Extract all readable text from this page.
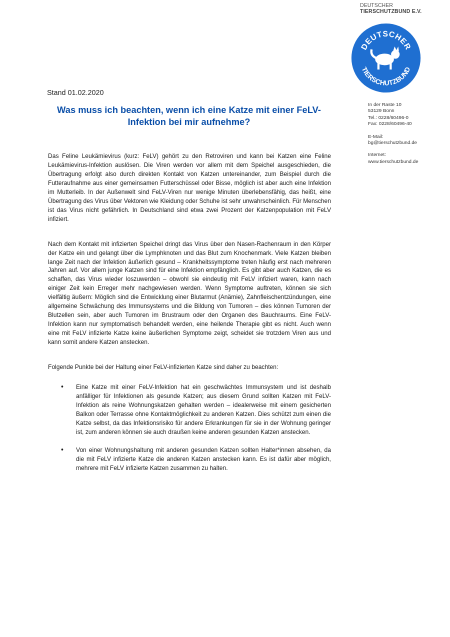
DEUTSCHER
TIERSCHUTZBUND E.V.
DEUTSCHER
TIERSCHUTZBUND
Stand 01.02.2020
Was muss ich beachten, wenn ich eine Katze mit einer FeLV-Infektion bei mir aufnehme?
In der Raste 10
53129 Bonn
Tel.: 0228/60496-0
Fax: 0228/60496-40
E-Mail:
bg@tierschutzbund.de
Internet:
www.tierschutzbund.de

Das Feline Leukämievirus (kurz: FeLV) gehört zu den Retroviren und kann bei Katzen eine Feline Leukämievirus-Infektion auslösen. Die Viren werden vor allem mit dem Speichel ausgeschieden, die Übertragung erfolgt also durch direkten Kontakt von Katzen untereinander, zum Beispiel durch die Futteraufnahme aus einer gemeinsamen Futterschüssel oder Bisse, möglich ist aber auch eine Infektion im Mutterleib. In der Außenwelt sind FeLV-Viren nur wenige Minuten überlebensfähig, das heißt, eine Übertragung des Virus über Vektoren wie Kleidung oder Schuhe ist sehr unwahrscheinlich. Für Menschen ist das Virus nicht gefährlich. In Deutschland sind etwa zwei Prozent der Katzenpopulation mit FeLV infiziert.

Nach dem Kontakt mit infizierten Speichel dringt das Virus über den Nasen-Rachenraum in den Körper der Katze ein und gelangt über die Lymphknoten und das Blut zum Knochenmark. Viele Katzen bleiben lange Zeit nach der Infektion äußerlich gesund – Krankheitssymptome treten häufig erst nach mehreren Jahren auf. Vor allem junge Katzen sind für eine Infektion empfänglich. Es gibt aber auch Katzen, die es schaffen, das Virus wieder loszuwerden – obwohl sie eindeutig mit FeLV infiziert waren, kann nach einiger Zeit kein Erreger mehr nachgewiesen werden. Wenn Symptome auftreten, können sie sich vielfältig äußern: Möglich sind die Entwicklung einer Blutarmut (Anämie), Zahnfleischentzündungen, eine allgemeine Schwächung des Immunsystems und die Bildung von Tumoren – dies können Tumoren der Blutzellen sein, aber auch Tumoren im Brustraum oder den Organen des Bauchraums. Eine FeLV-Infektion kann nur symptomatisch behandelt werden, eine heilende Therapie gibt es nicht. Auch wenn eine mit FeLV infizierte Katze keine äußerlichen Symptome zeigt, scheidet sie trotzdem Viren aus und kann somit andere Katzen anstecken.

Folgende Punkte bei der Haltung einer FeLV-infizierten Katze sind daher zu beachten:

• Eine Katze mit einer FeLV-Infektion hat ein geschwächtes Immunsystem und ist deshalb anfälliger für Infektionen als gesunde Katzen; aus diesem Grund sollten Katzen mit FeLV-Infektion als reine Wohnungskatzen gehalten werden – idealerweise mit einem gesicherten Balkon oder Terrasse ohne Kontaktmöglichkeit zu anderen Katzen. Dies schützt zum einen die Katze selbst, da das Infektionsrisiko für andere Erkrankungen für sie in der Wohnung geringer ist, zum anderen können sie auch draußen keine anderen gesunden Katzen anstecken.
• Von einer Wohnungshaltung mit anderen gesunden Katzen sollten Halter*innen absehen, da die mit FeLV infizierte Katze die anderen Katzen anstecken kann. Es ist dafür aber möglich, mehrere mit FeLV infizierte Katzen zusammen zu halten.
